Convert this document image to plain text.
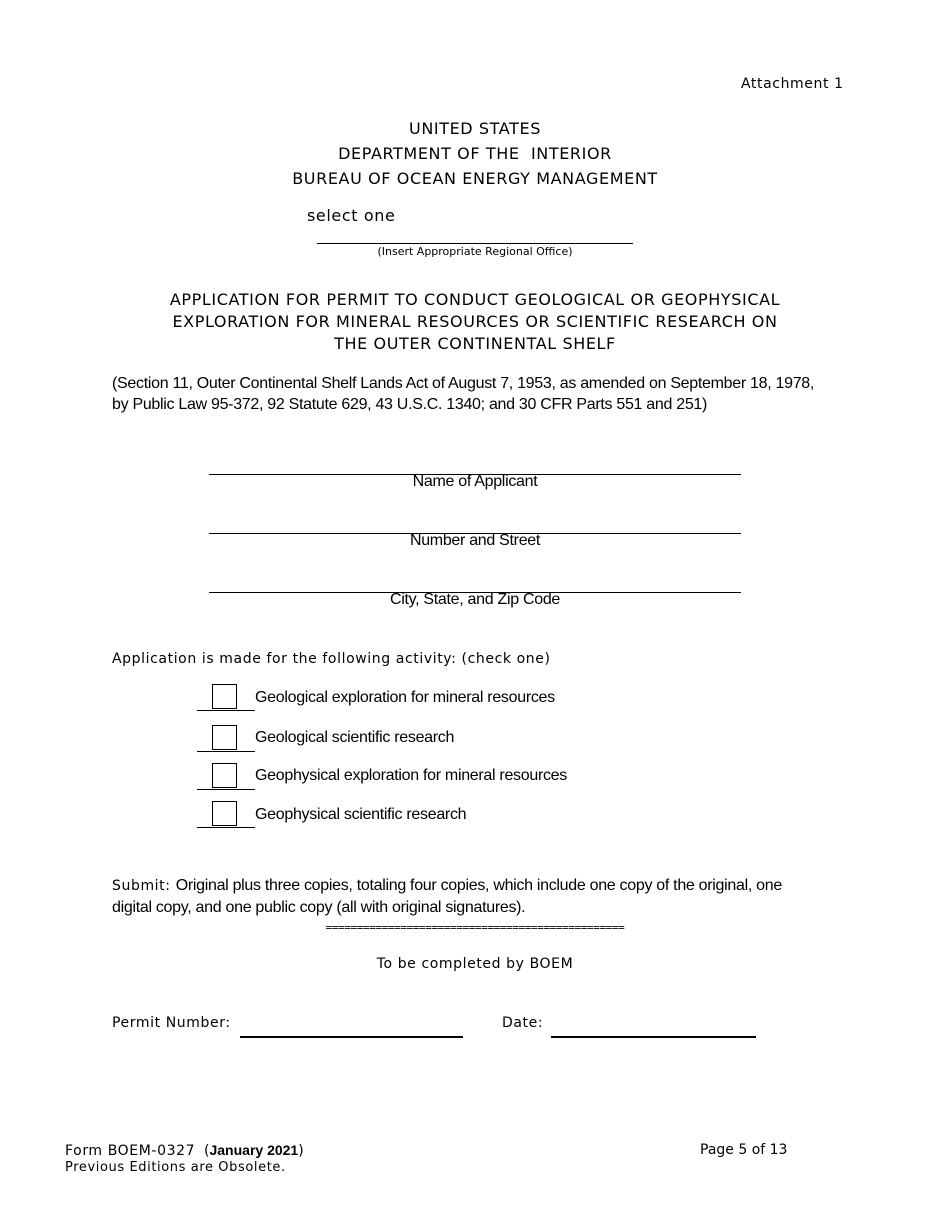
Attachment 1
UNITED STATES
DEPARTMENT OF THE  INTERIOR
BUREAU OF OCEAN ENERGY MANAGEMENT
select one
(Insert Appropriate Regional Office)
APPLICATION FOR PERMIT TO CONDUCT GEOLOGICAL OR GEOPHYSICAL
EXPLORATION FOR MINERAL RESOURCES OR SCIENTIFIC RESEARCH ON
THE OUTER CONTINENTAL SHELF
(Section 11, Outer Continental Shelf Lands Act of August 7, 1953, as amended on September 18, 1978,
by Public Law 95-372, 92 Statute 629, 43 U.S.C. 1340; and 30 CFR Parts 551 and 251)
Name of Applicant
Number and Street
City, State, and Zip Code
Application is made for the following activity: (check one)
Geological exploration for mineral resources
Geological scientific research
Geophysical exploration for mineral resources
Geophysical scientific research
Submit: Original plus three copies, totaling four copies, which include one copy of the original, one
digital copy, and one public copy (all with original signatures).
================================================
To be completed by BOEM
Permit Number:	Date:
Form BOEM-0327  (January 2021)
Previous Editions are Obsolete.
Page 5 of 13
